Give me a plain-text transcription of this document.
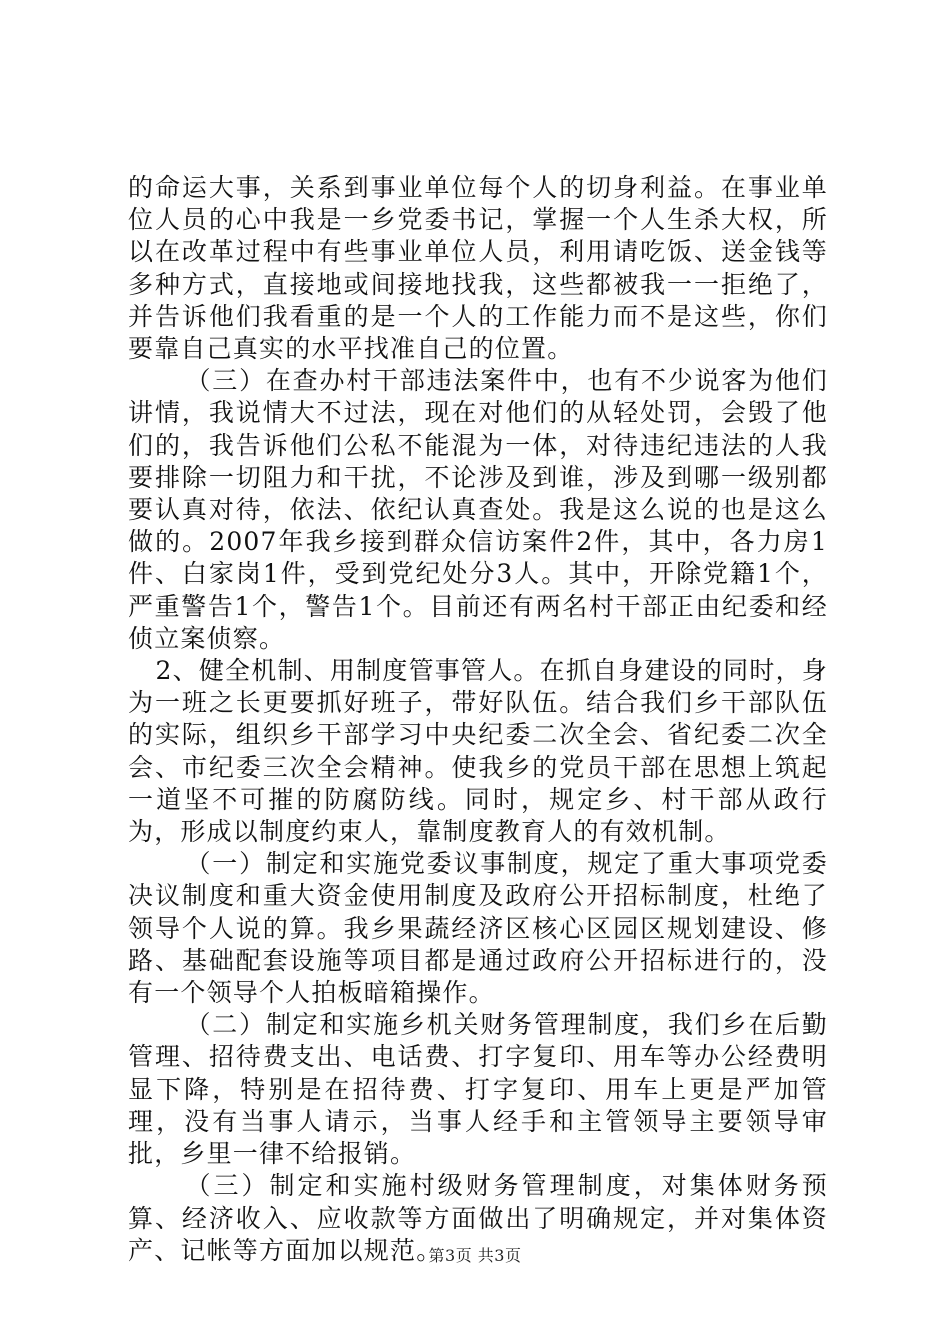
的命运大事，关系到事业单位每个人的切身利益。在事业单位人员的心中我是一乡党委书记，掌握一个人生杀大权，所以在改革过程中有些事业单位人员，利用请吃饭、送金钱等多种方式，直接地或间接地找我，这些都被我一一拒绝了，并告诉他们我看重的是一个人的工作能力而不是这些，你们要靠自己真实的水平找准自己的位置。

（三）在查办村干部违法案件中，也有不少说客为他们讲情，我说情大不过法，现在对他们的从轻处罚，会毁了他们的，我告诉他们公私不能混为一体，对待违纪违法的人我要排除一切阻力和干扰，不论涉及到谁，涉及到哪一级别都要认真对待，依法、依纪认真查处。我是这么说的也是这么做的。2007年我乡接到群众信访案件2件，其中，各力房1件、白家岗1件，受到党纪处分3人。其中，开除党籍1个，严重警告1个，警告1个。目前还有两名村干部正由纪委和经侦立案侦察。

2、健全机制、用制度管事管人。在抓自身建设的同时，身为一班之长更要抓好班子，带好队伍。结合我们乡干部队伍的实际，组织乡干部学习中央纪委二次全会、省纪委二次全会、市纪委三次全会精神。使我乡的党员干部在思想上筑起一道坚不可摧的防腐防线。同时，规定乡、村干部从政行为，形成以制度约束人，靠制度教育人的有效机制。

（一）制定和实施党委议事制度，规定了重大事项党委决议制度和重大资金使用制度及政府公开招标制度，杜绝了领导个人说的算。我乡果蔬经济区核心区园区规划建设、修路、基础配套设施等项目都是通过政府公开招标进行的，没有一个领导个人拍板暗箱操作。

（二）制定和实施乡机关财务管理制度，我们乡在后勤管理、招待费支出、电话费、打字复印、用车等办公经费明显下降，特别是在招待费、打字复印、用车上更是严加管理，没有当事人请示，当事人经手和主管领导主要领导审批，乡里一律不给报销。

（三）制定和实施村级财务管理制度，对集体财务预算、经济收入、应收款等方面做出了明确规定，并对集体资产、记帐等方面加以规范。

第3页 共3页
